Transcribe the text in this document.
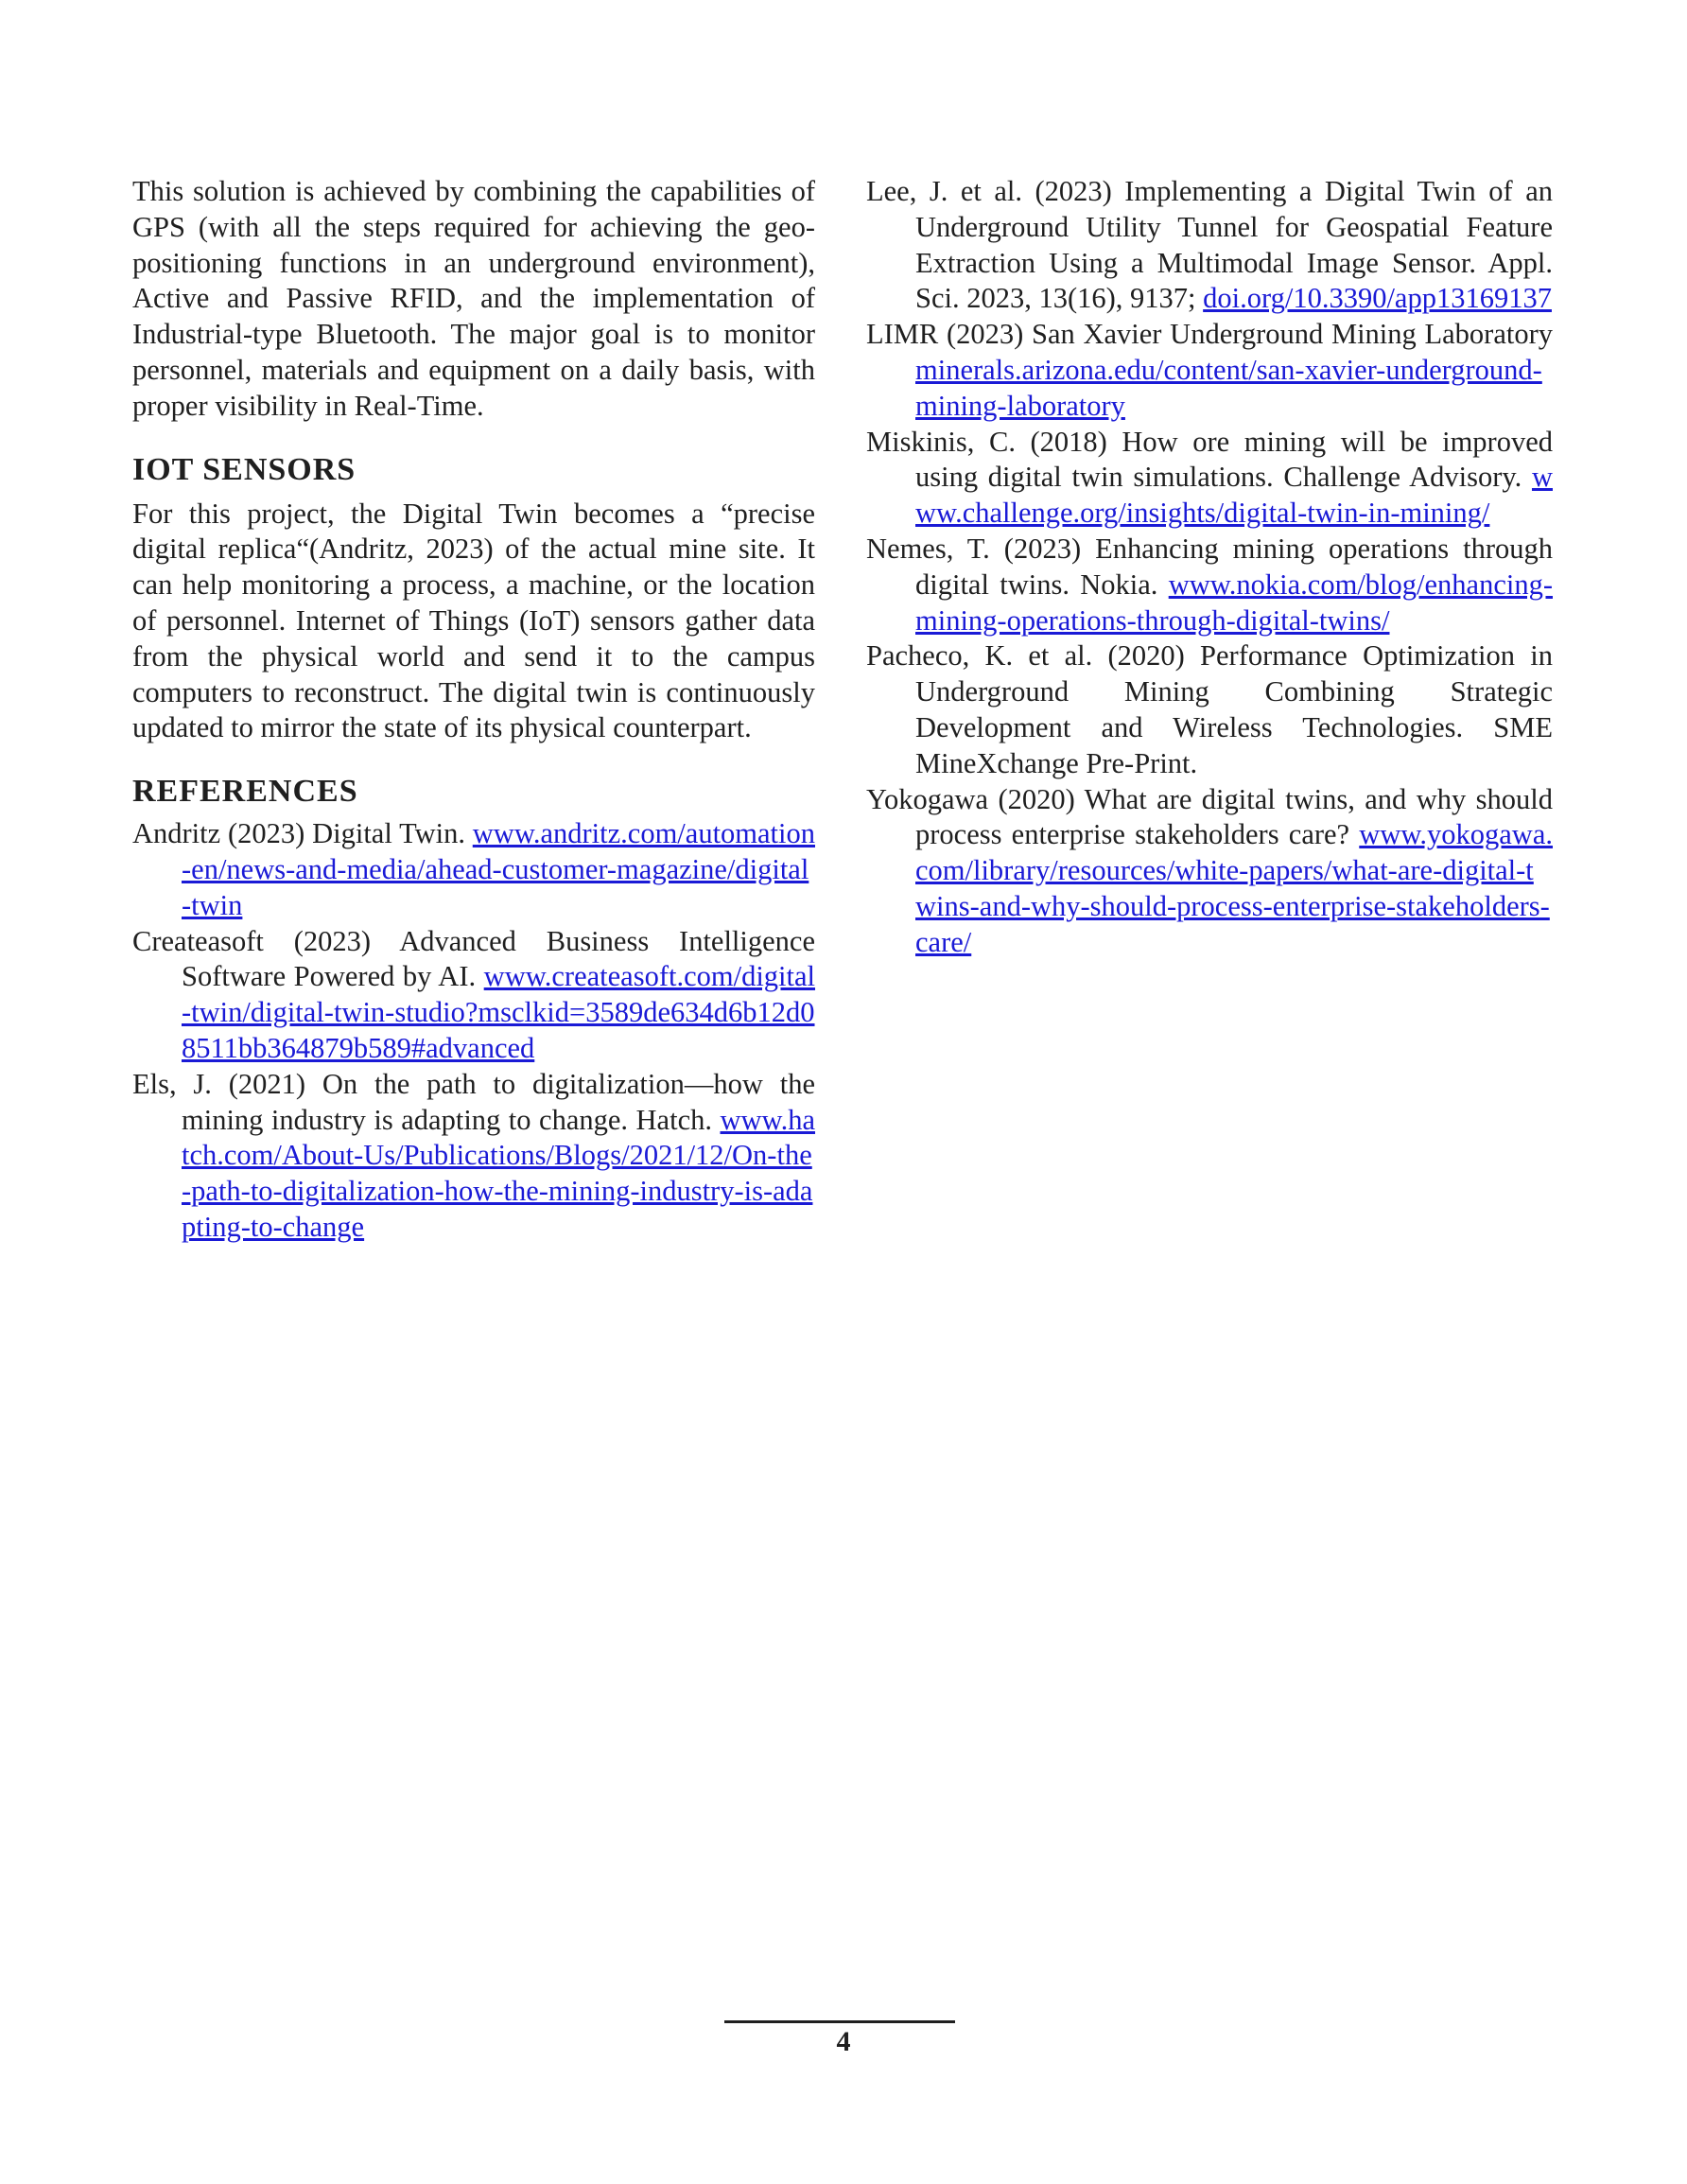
This solution is achieved by combining the capabilities of GPS (with all the steps required for achieving the geo-positioning functions in an underground environment), Active and Passive RFID, and the implementation of Industrial-type Bluetooth. The major goal is to monitor personnel, materials and equipment on a daily basis, with proper visibility in Real-Time.

IOT SENSORS

For this project, the Digital Twin becomes a “precise digital replica“(Andritz, 2023) of the actual mine site. It can help monitoring a process, a machine, or the location of personnel. Internet of Things (IoT) sensors gather data from the physical world and send it to the campus computers to reconstruct. The digital twin is continuously updated to mirror the state of its physical counterpart.

REFERENCES
Andritz (2023) Digital Twin. www.andritz.com/automation-en/news-and-media/ahead-customer-magazine/digital-twin
Createasoft (2023) Advanced Business Intelligence Software Powered by AI. www.createasoft.com/digital-twin/digital-twin-studio?msclkid=3589de634d6b12d08511bb364879b589#advanced
Els, J. (2021) On the path to digitalization—how the mining industry is adapting to change. Hatch. www.hatch.com/About-Us/Publications/Blogs/2021/12/On-the-path-to-digitalization-how-the-mining-industry-is-adapting-to-change
Lee, J. et al. (2023) Implementing a Digital Twin of an Underground Utility Tunnel for Geospatial Feature Extraction Using a Multimodal Image Sensor. Appl. Sci. 2023, 13(16), 9137; doi.org/10.3390/app13169137
LIMR (2023) San Xavier Underground Mining Laboratory minerals.arizona.edu/content/san-xavier-underground-mining-laboratory
Miskinis, C. (2018) How ore mining will be improved using digital twin simulations. Challenge Advisory. www.challenge.org/insights/digital-twin-in-mining/
Nemes, T. (2023) Enhancing mining operations through digital twins. Nokia. www.nokia.com/blog/enhancing-mining-operations-through-digital-twins/
Pacheco, K. et al. (2020) Performance Optimization in Underground Mining Combining Strategic Development and Wireless Technologies. SME MineXchange Pre-Print.
Yokogawa (2020) What are digital twins, and why should process enterprise stakeholders care? www.yokogawa.com/library/resources/white-papers/what-are-digital-twins-and-why-should-process-enterprise-stakeholders-care/
4
